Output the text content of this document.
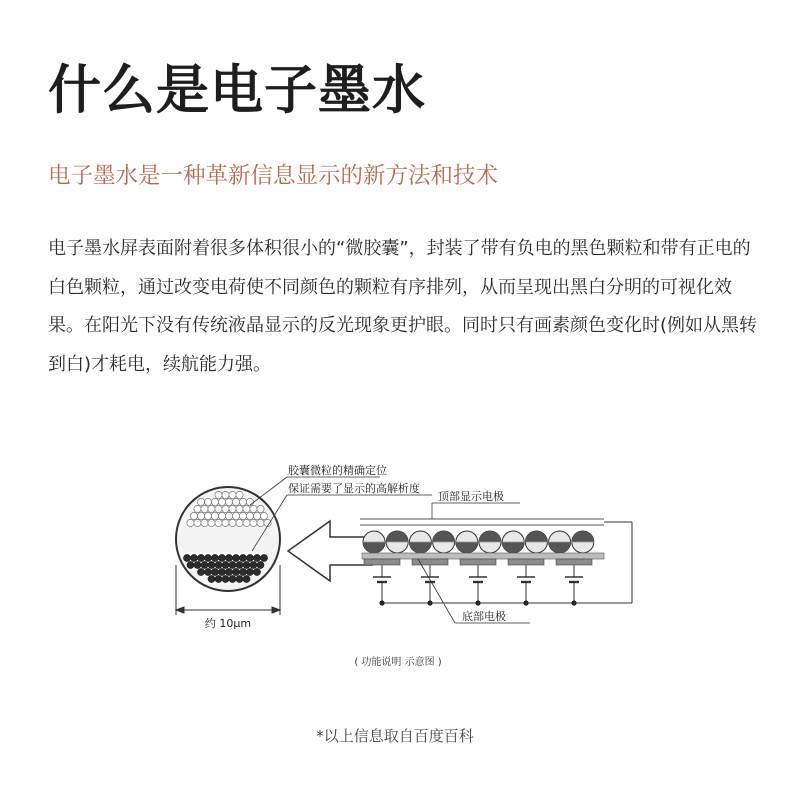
什么是电子墨水

电子墨水是一种革新信息显示的新方法和技术

电子墨水屏表面附着很多体积很小的“微胶囊”，封装了带有负电的黑色颗粒和带有正电的白色颗粒，通过改变电荷使不同颜色的颗粒有序排列，从而呈现出黑白分明的可视化效果。在阳光下没有传统液晶显示的反光现象更护眼。同时只有画素颜色变化时(例如从黑转到白)才耗电，续航能力强。

约 10μm
胶囊微粒的精确定位
保证需要了显示的高解析度
顶部显示电极
底部电极
( 功能说明 示意图 )

*以上信息取自百度百科
